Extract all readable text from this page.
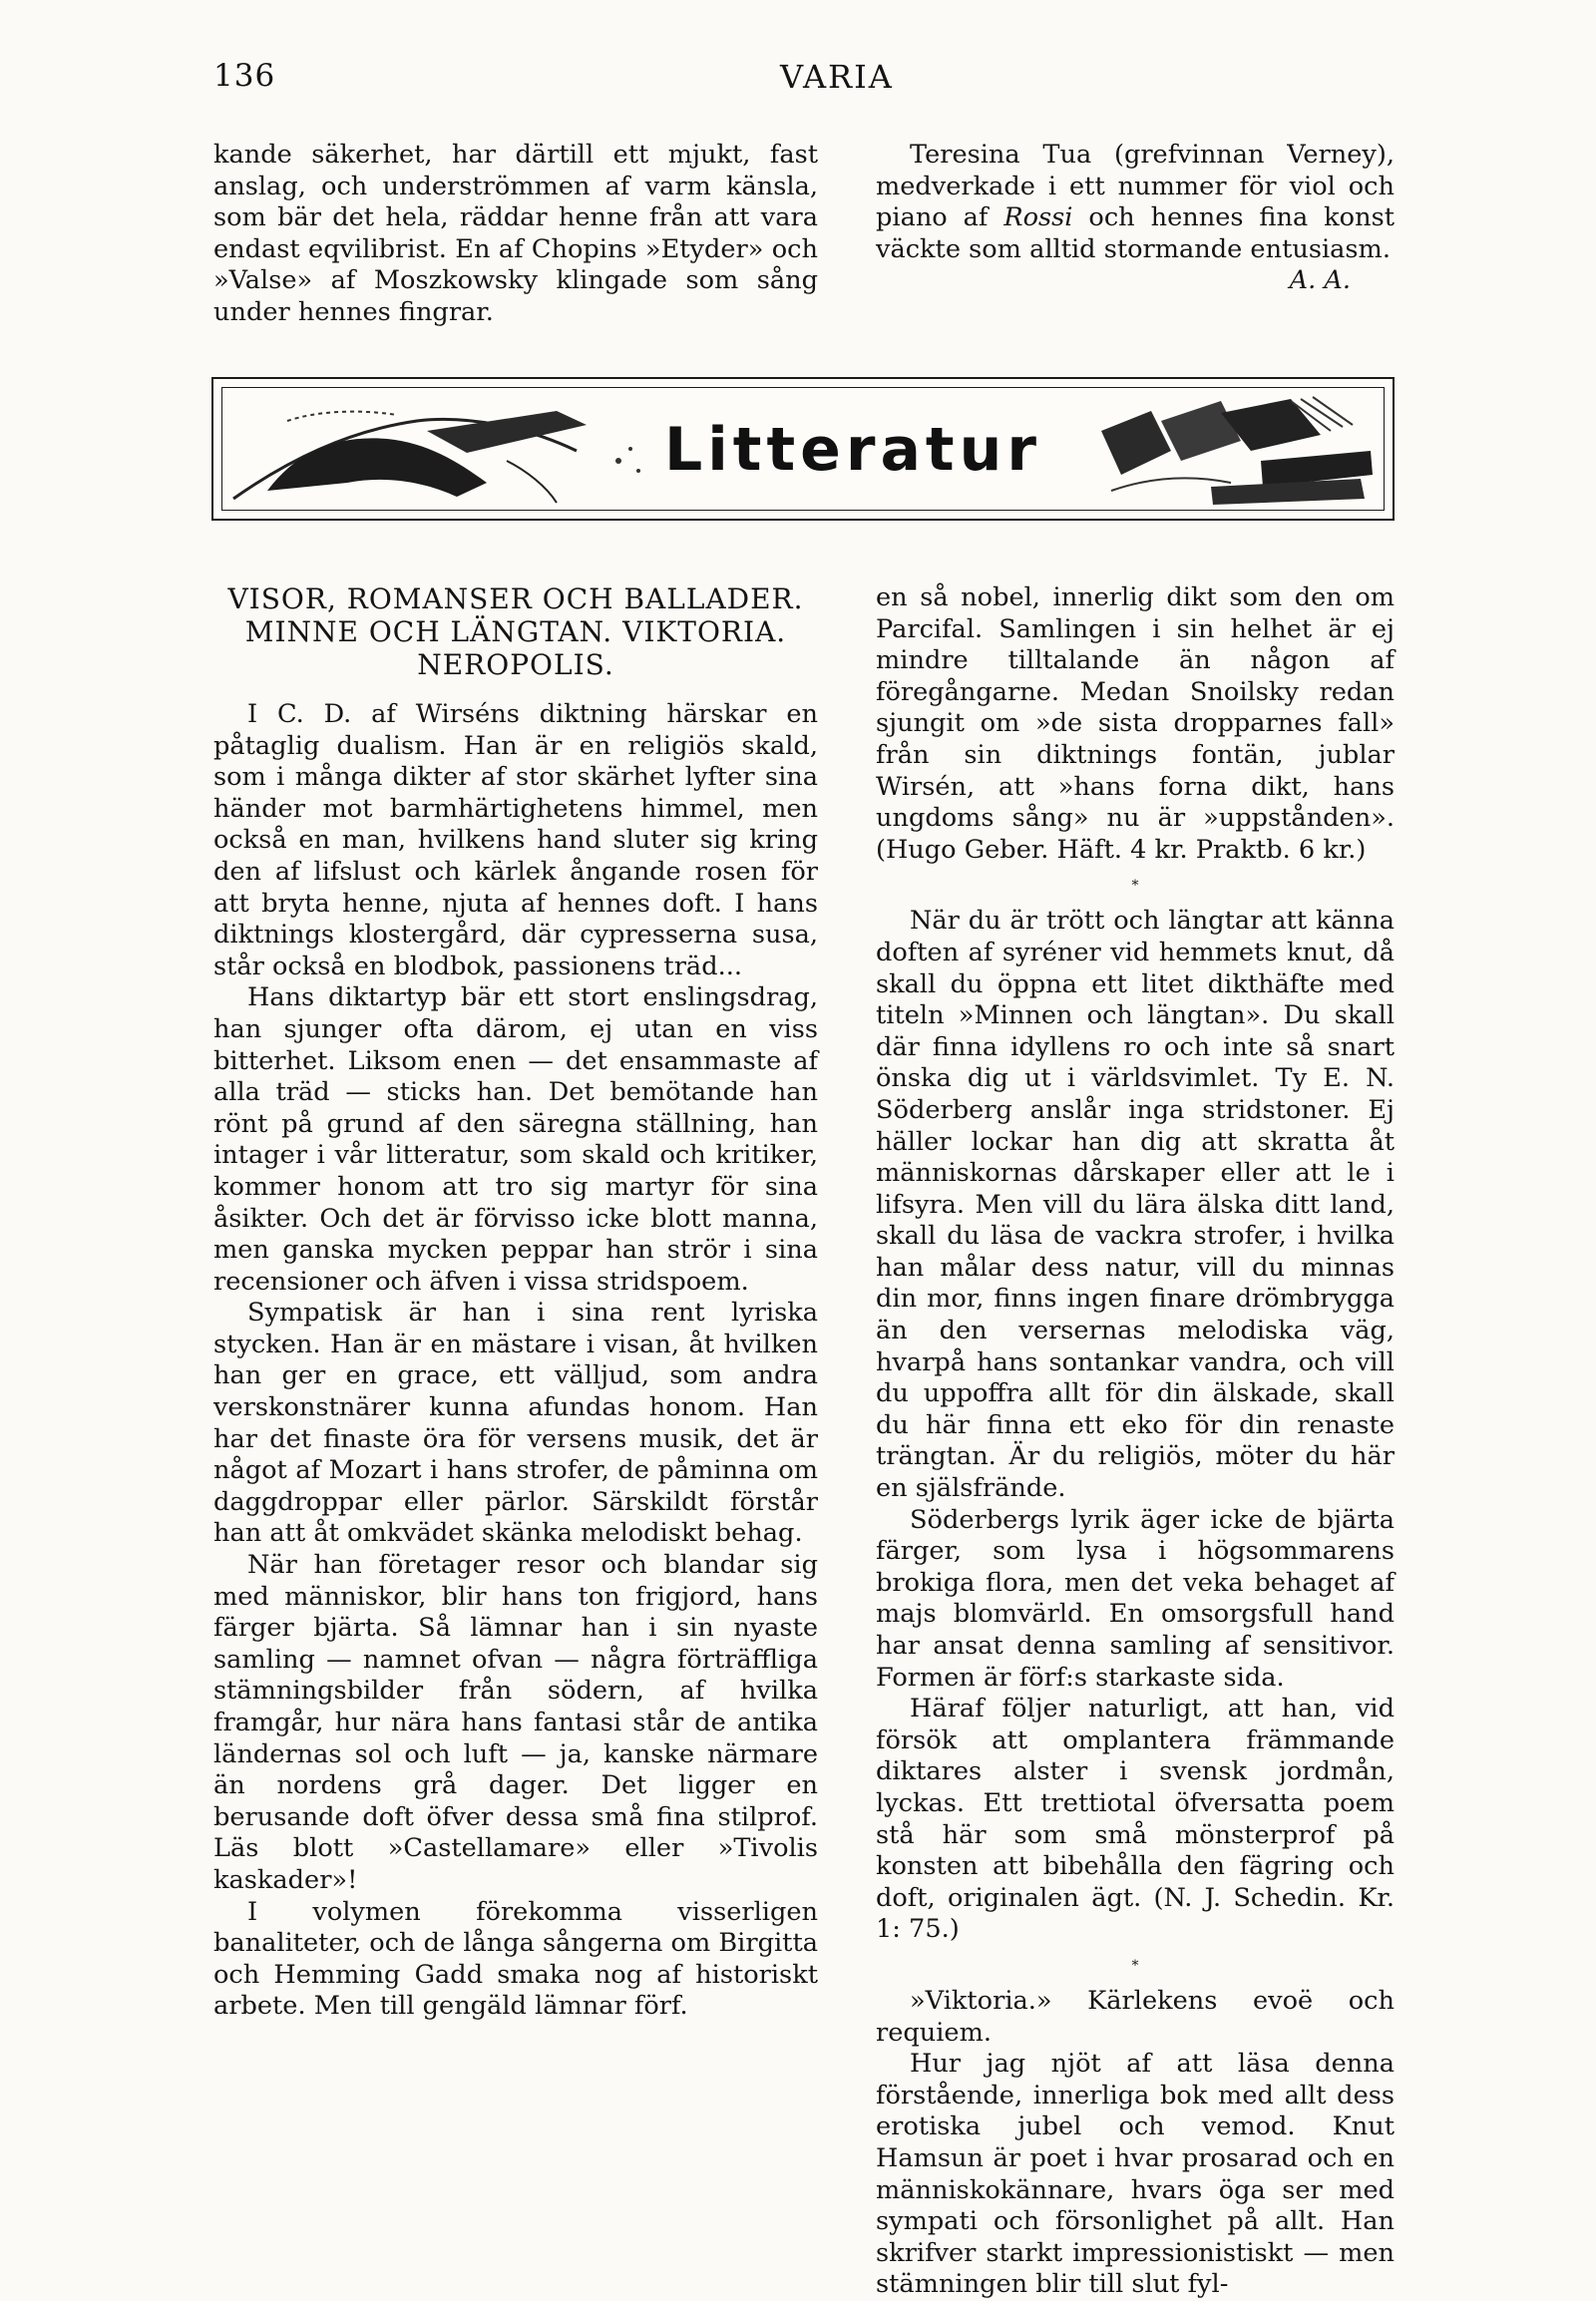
136	VARIA

kande säkerhet, har därtill ett mjukt, fast anslag, och underströmmen af varm känsla, som bär det hela, räddar henne från att vara endast eqvilibrist. En af Chopins »Etyder» och »Valse» af Moszkowsky klingade som sång under hennes fingrar.

Teresina Tua (grefvinnan Verney), medverkade i ett nummer för viol och piano af Rossi och hennes fina konst väckte som alltid stormande entusiasm.

A. A.

Litteratur
VISOR, ROMANSER OCH BALLADER.
MINNE OCH LÄNGTAN. VIKTORIA.
NEROPOLIS.

I C. D. af Wirséns diktning härskar en påtaglig dualism. Han är en religiös skald, som i många dikter af stor skärhet lyfter sina händer mot barmhärtighetens himmel, men också en man, hvilkens hand sluter sig kring den af lifslust och kärlek ångande rosen för att bryta henne, njuta af hennes doft. I hans diktnings klostergård, där cypresserna susa, står också en blodbok, passionens träd...

Hans diktartyp bär ett stort enslingsdrag, han sjunger ofta därom, ej utan en viss bitterhet. Liksom enen — det ensammaste af alla träd — sticks han. Det bemötande han rönt på grund af den säregna ställning, han intager i vår litteratur, som skald och kritiker, kommer honom att tro sig martyr för sina åsikter. Och det är förvisso icke blott manna, men ganska mycken peppar han strör i sina recensioner och äfven i vissa stridspoem.

Sympatisk är han i sina rent lyriska stycken. Han är en mästare i visan, åt hvilken han ger en grace, ett välljud, som andra verskonstnärer kunna afundas honom. Han har det finaste öra för versens musik, det är något af Mozart i hans strofer, de påminna om daggdroppar eller pärlor. Särskildt förstår han att åt omkvädet skänka melodiskt behag.

När han företager resor och blandar sig med människor, blir hans ton frigjord, hans färger bjärta. Så lämnar han i sin nyaste samling — namnet ofvan — några förträffliga stämningsbilder från södern, af hvilka framgår, hur nära hans fantasi står de antika ländernas sol och luft — ja, kanske närmare än nordens grå dager. Det ligger en berusande doft öfver dessa små fina stilprof. Läs blott »Castellamare» eller »Tivolis kaskader»!

I volymen förekomma visserligen banaliteter, och de långa sångerna om Birgitta och Hemming Gadd smaka nog af historiskt arbete. Men till gengäld lämnar förf.

en så nobel, innerlig dikt som den om Parcifal. Samlingen i sin helhet är ej mindre tilltalande än någon af föregångarne. Medan Snoilsky redan sjungit om »de sista dropparnes fall» från sin diktnings fontän, jublar Wirsén, att »hans forna dikt, hans ungdoms sång» nu är »uppstånden». (Hugo Geber. Häft. 4 kr. Praktb. 6 kr.)

*

När du är trött och längtar att känna doften af syréner vid hemmets knut, då skall du öppna ett litet dikthäfte med titeln »Minnen och längtan». Du skall där finna idyllens ro och inte så snart önska dig ut i världsvimlet. Ty E. N. Söderberg anslår inga stridstoner. Ej häller lockar han dig att skratta åt människornas dårskaper eller att le i lifsyra. Men vill du lära älska ditt land, skall du läsa de vackra strofer, i hvilka han målar dess natur, vill du minnas din mor, finns ingen finare drömbrygga än den versernas melodiska väg, hvarpå hans sontankar vandra, och vill du uppoffra allt för din älskade, skall du här finna ett eko för din renaste trängtan. Är du religiös, möter du här en själsfrände.

Söderbergs lyrik äger icke de bjärta färger, som lysa i högsommarens brokiga flora, men det veka behaget af majs blomvärld. En omsorgsfull hand har ansat denna samling af sensitivor. Formen är förf:s starkaste sida.

Häraf följer naturligt, att han, vid försök att omplantera främmande diktares alster i svensk jordmån, lyckas. Ett trettiotal öfversatta poem stå här som små mönsterprof på konsten att bibehålla den fägring och doft, originalen ägt. (N. J. Schedin. Kr. 1: 75.)

*

»Viktoria.» Kärlekens evoë och requiem.

Hur jag njöt af att läsa denna förstående, innerliga bok med allt dess erotiska jubel och vemod. Knut Hamsun är poet i hvar prosarad och en människokännare, hvars öga ser med sympati och försonlighet på allt. Han skrifver starkt impressionistiskt — men stämningen blir till slut fyl-
